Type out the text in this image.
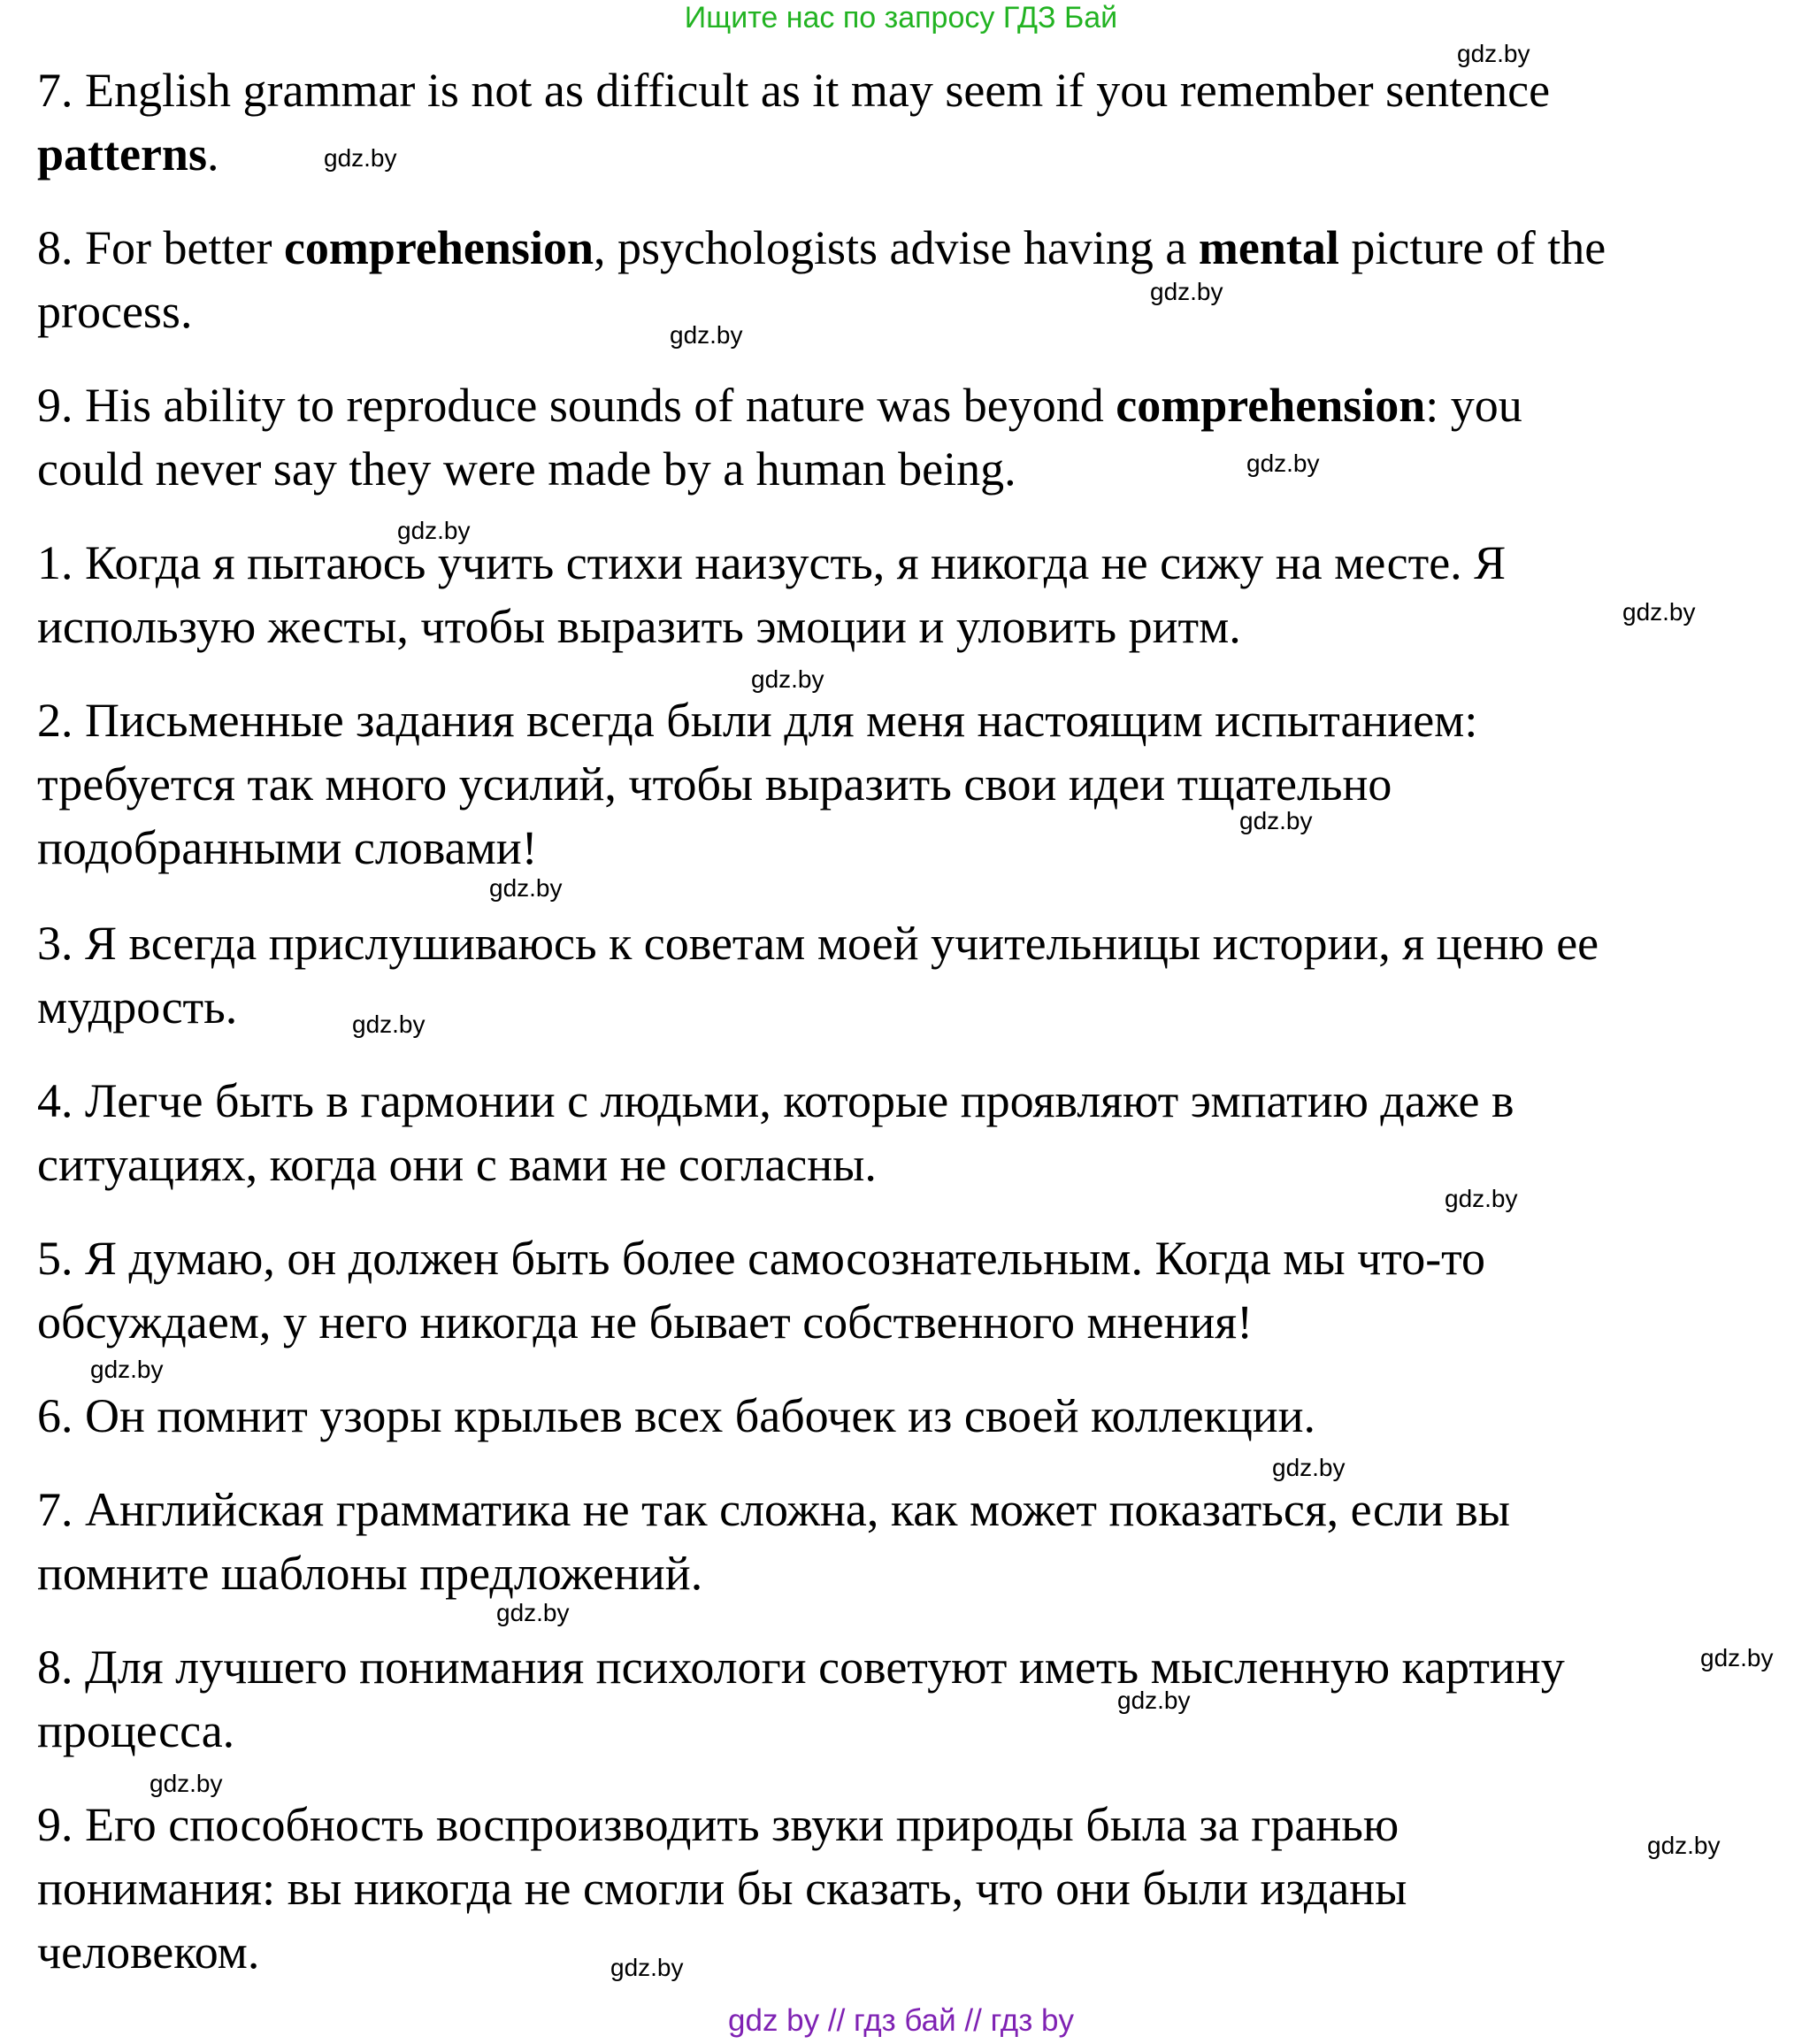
Ищите нас по запросу ГДЗ Бай
7. English grammar is not as difficult as it may seem if you remember sentence
patterns.
8. For better comprehension, psychologists advise having a mental picture of the
process.
9. His ability to reproduce sounds of nature was beyond comprehension: you
could never say they were made by a human being.
1. Когда я пытаюсь учить стихи наизусть, я никогда не сижу на месте. Я
использую жесты, чтобы выразить эмоции и уловить ритм.
2. Письменные задания всегда были для меня настоящим испытанием:
требуется так много усилий, чтобы выразить свои идеи тщательно
подобранными словами!
3. Я всегда прислушиваюсь к советам моей учительницы истории, я ценю ее
мудрость.
4. Легче быть в гармонии с людьми, которые проявляют эмпатию даже в
ситуациях, когда они с вами не согласны.
5. Я думаю, он должен быть более самосознательным. Когда мы что-то
обсуждаем, у него никогда не бывает собственного мнения!
6. Он помнит узоры крыльев всех бабочек из своей коллекции.
7. Английская грамматика не так сложна, как может показаться, если вы
помните шаблоны предложений.
8. Для лучшего понимания психологи советуют иметь мысленную картину
процесса.
9. Его способность воспроизводить звуки природы была за гранью
понимания: вы никогда не смогли бы сказать, что они были изданы
человеком.
gdz.by
gdz.by
gdz.by
gdz.by
gdz.by
gdz.by
gdz.by
gdz.by
gdz.by
gdz.by
gdz.by
gdz.by
gdz.by
gdz.by
gdz.by
gdz.by
gdz.by
gdz.by
gdz.by
gdz.by
gdz by // гдз бай // гдз by
